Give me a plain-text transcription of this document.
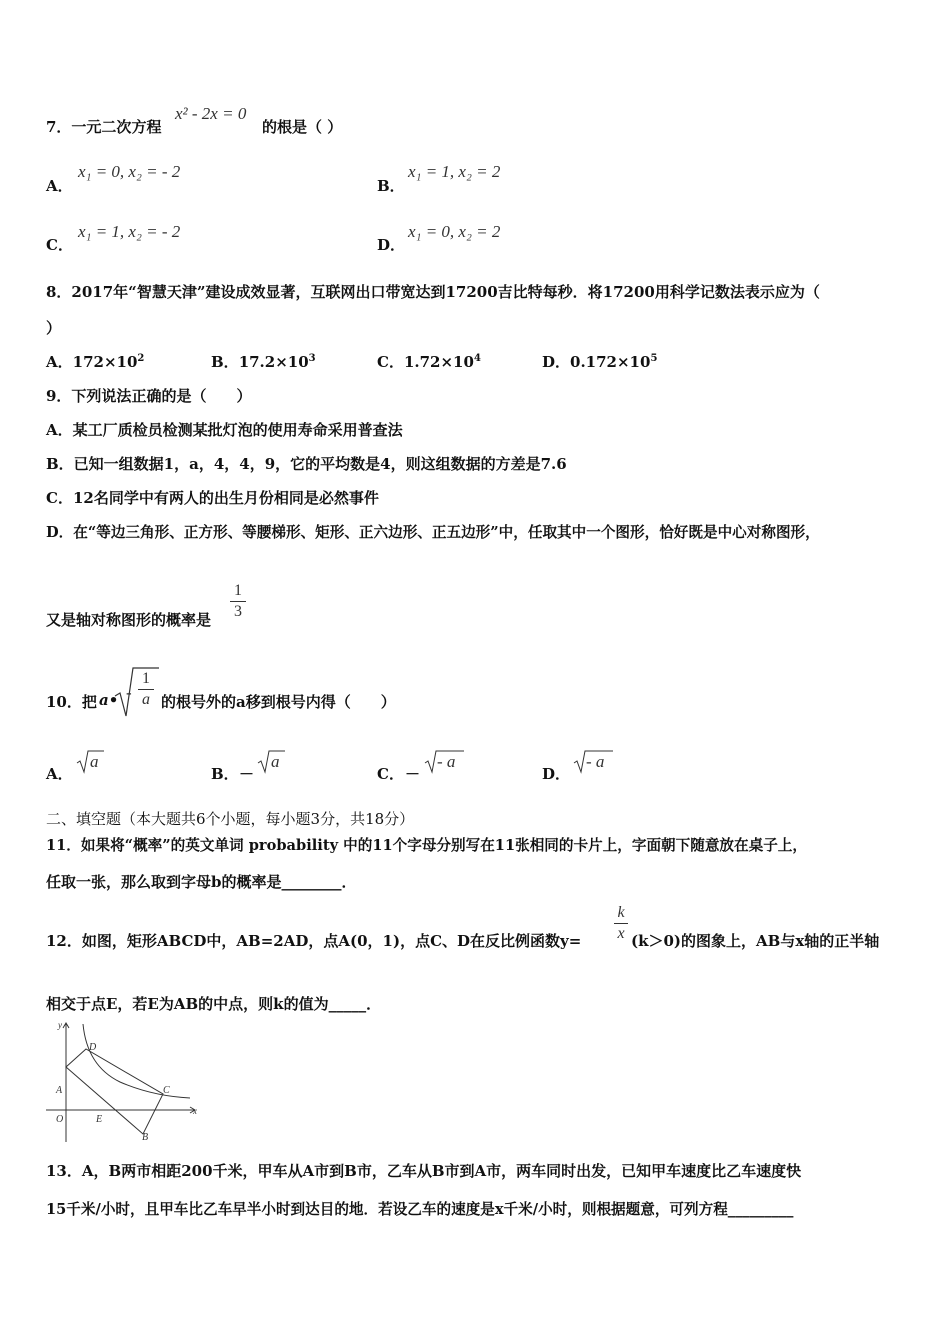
7．一元二次方程
x² - 2x = 0
的根是（ ）
A．
x₁ = 0, x₂ = - 2
B．
x₁ = 1, x₂ = 2
C．
x₁ = 1, x₂ = - 2
D．
x₁ = 0, x₂ = 2
8．2017年“智慧天津”建设成效显著，互联网出口带宽达到17200吉比特每秒．将17200用科学记数法表示应为（
）
A．$172\times 10^2$	B．$17.2\times 10^3$	C．$1.72\times 10^4$	D．$0.172\times 10^5$
9．下列说法正确的是（　　）
A．某工厂质检员检测某批灯泡的使用寿命采用普查法
B．已知一组数据1，a，4，4，9，它的平均数是4，则这组数据的方差是7.6
C．12名同学中有两人的出生月份相同是必然事件
D．在“等边三角形、正方形、等腰梯形、矩形、正六边形、正五边形”中，任取其中一个图形，恰好既是中心对称图形，
又是轴对称图形的概率是
1
3
10．把 a• -
1
a 的根号外的a移到根号内得（　　）
A．
a
B． －
a
C． －
- a
D．
- a
二、填空题（本大题共6个小题，每小题3分，共18分）
11．如果将“概率”的英文单词 probability 中的11个字母分别写在11张相同的卡片上，字面朝下随意放在桌子上，
任取一张，那么取到字母b的概率是________．
12．如图，矩形ABCD中，AB=2AD，点A(0，1)，点C、D在反比例函数y=
k
x (k＞0)的图象上，AB与x轴的正半轴
相交于点E，若E为AB的中点，则k的值为_____．
y
x
O
A
D
C
E
B
13．A，B两市相距200千米，甲车从A市到B市，乙车从B市到A市，两车同时出发，已知甲车速度比乙车速度快
15千米/小时，且甲车比乙车早半小时到达目的地．若设乙车的速度是x千米/小时，则根据题意，可列方程_________
